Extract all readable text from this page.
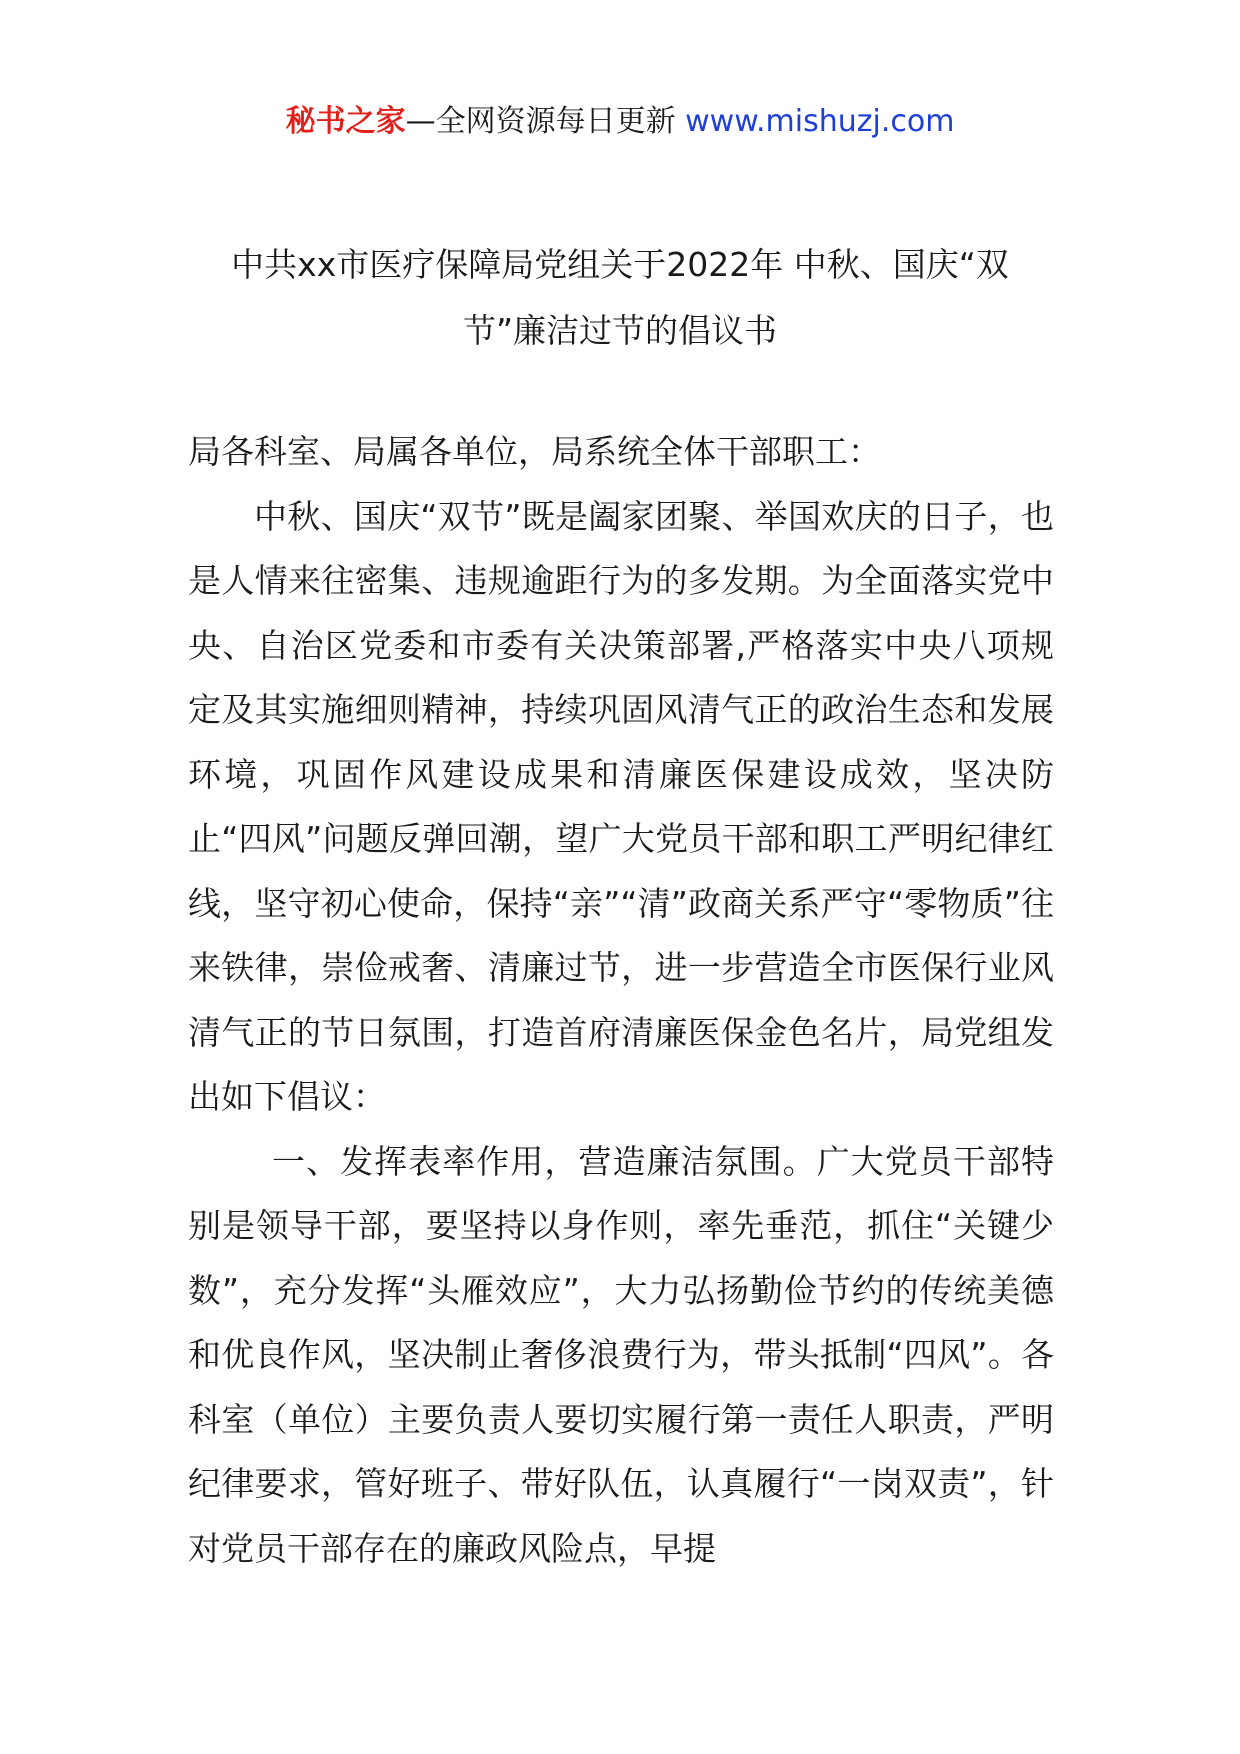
秘书之家—全网资源每日更新 www.mishuzj.com
中共xx市医疗保障局党组关于2022年 中秋、国庆“双节”廉洁过节的倡议书

局各科室、局属各单位，局系统全体干部职工：

中秋、国庆“双节”既是阖家团聚、举国欢庆的日子，也是人情来往密集、违规逾距行为的多发期。为全面落实党中央、自治区党委和市委有关决策部署,严格落实中央八项规定及其实施细则精神，持续巩固风清气正的政治生态和发展环境，巩固作风建设成果和清廉医保建设成效，坚决防止“四风”问题反弹回潮，望广大党员干部和职工严明纪律红线，坚守初心使命，保持“亲”“清”政商关系严守“零物质”往来铁律，崇俭戒奢、清廉过节，进一步营造全市医保行业风清气正的节日氛围，打造首府清廉医保金色名片，局党组发出如下倡议：

一、发挥表率作用，营造廉洁氛围。广大党员干部特别是领导干部，要坚持以身作则，率先垂范，抓住“关键少数”，充分发挥“头雁效应”，大力弘扬勤俭节约的传统美德和优良作风，坚决制止奢侈浪费行为，带头抵制“四风”。各科室（单位）主要负责人要切实履行第一责任人职责，严明纪律要求，管好班子、带好队伍，认真履行“一岗双责”，针对党员干部存在的廉政风险点，早提
